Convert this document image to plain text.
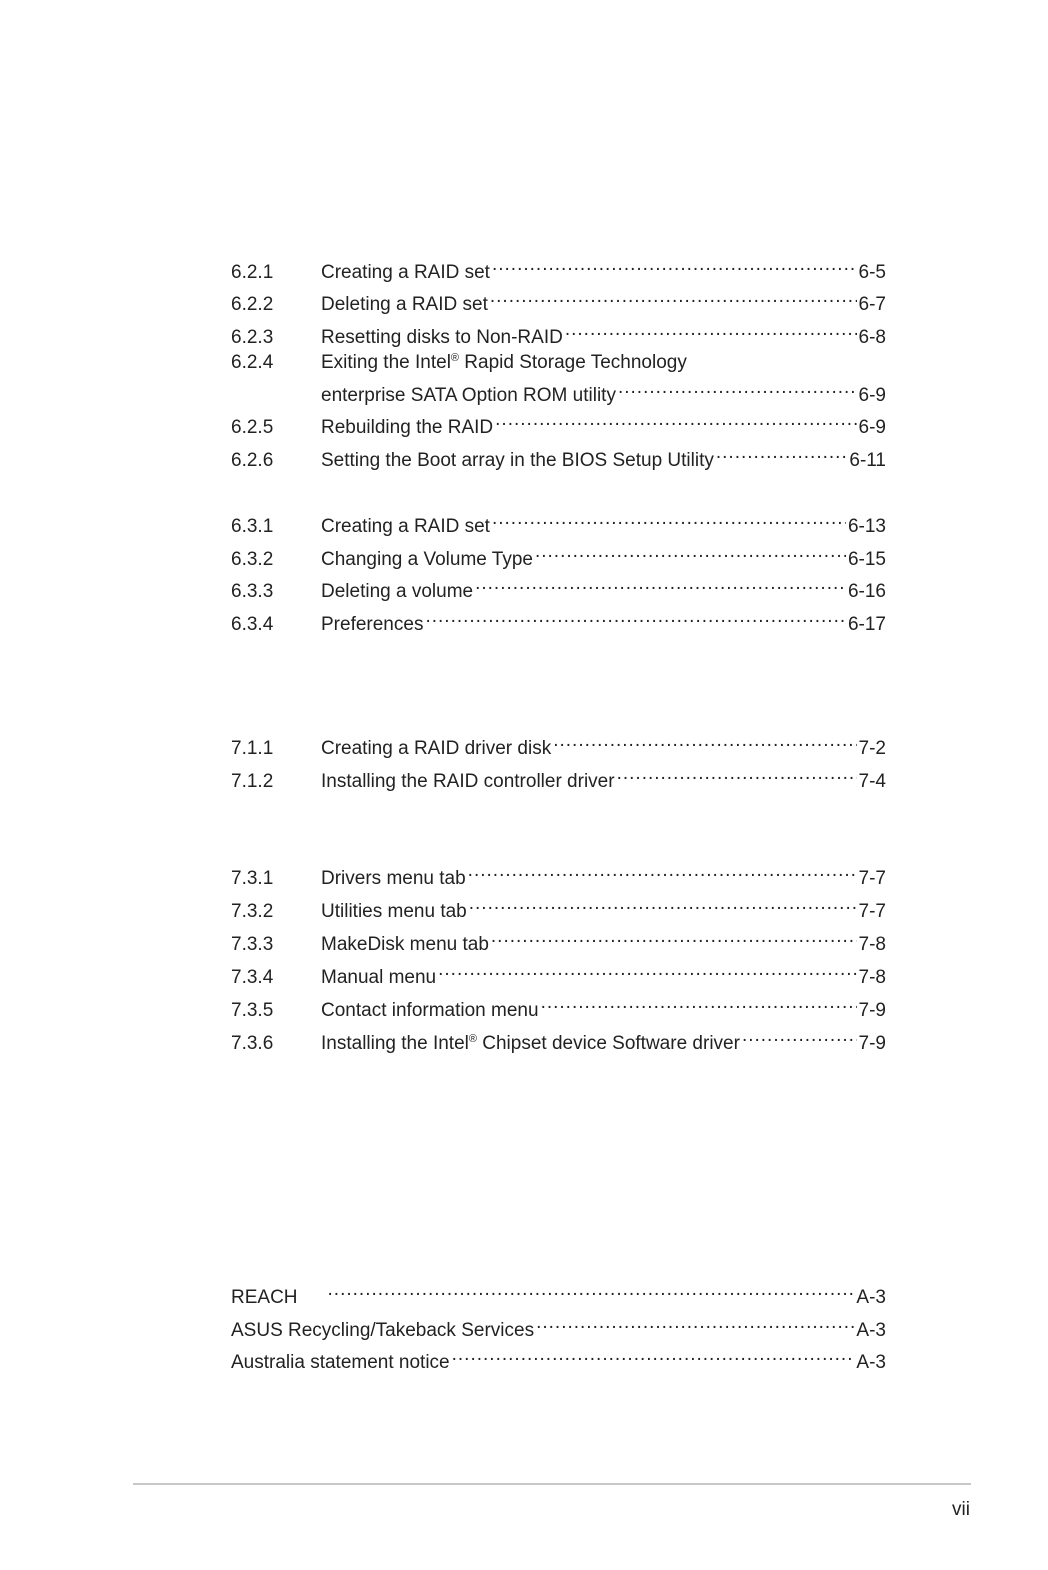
6.2.1	Creating a RAID set .....	6-5
6.2.2	Deleting a RAID set .....	6-7
6.2.3	Resetting disks to Non-RAID .....	6-8
6.2.4	Exiting the Intel® Rapid Storage Technology
enterprise SATA Option ROM utility .....	6-9
6.2.5	Rebuilding the RAID .....	6-9
6.2.6	Setting the Boot array in the BIOS Setup Utility .....	6-11
6.3.1	Creating a RAID set .....	6-13
6.3.2	Changing a Volume Type .....	6-15
6.3.3	Deleting a volume .....	6-16
6.3.4	Preferences .....	6-17
7.1.1	Creating a RAID driver disk .....	7-2
7.1.2	Installing the RAID controller driver .....	7-4
7.3.1	Drivers menu tab .....	7-7
7.3.2	Utilities menu tab .....	7-7
7.3.3	MakeDisk menu tab .....	7-8
7.3.4	Manual menu .....	7-8
7.3.5	Contact information menu .....	7-9
7.3.6	Installing the Intel® Chipset device Software driver .....	7-9
REACH .....	A-3
ASUS Recycling/Takeback Services .....	A-3
Australia statement notice .....	A-3
vii
